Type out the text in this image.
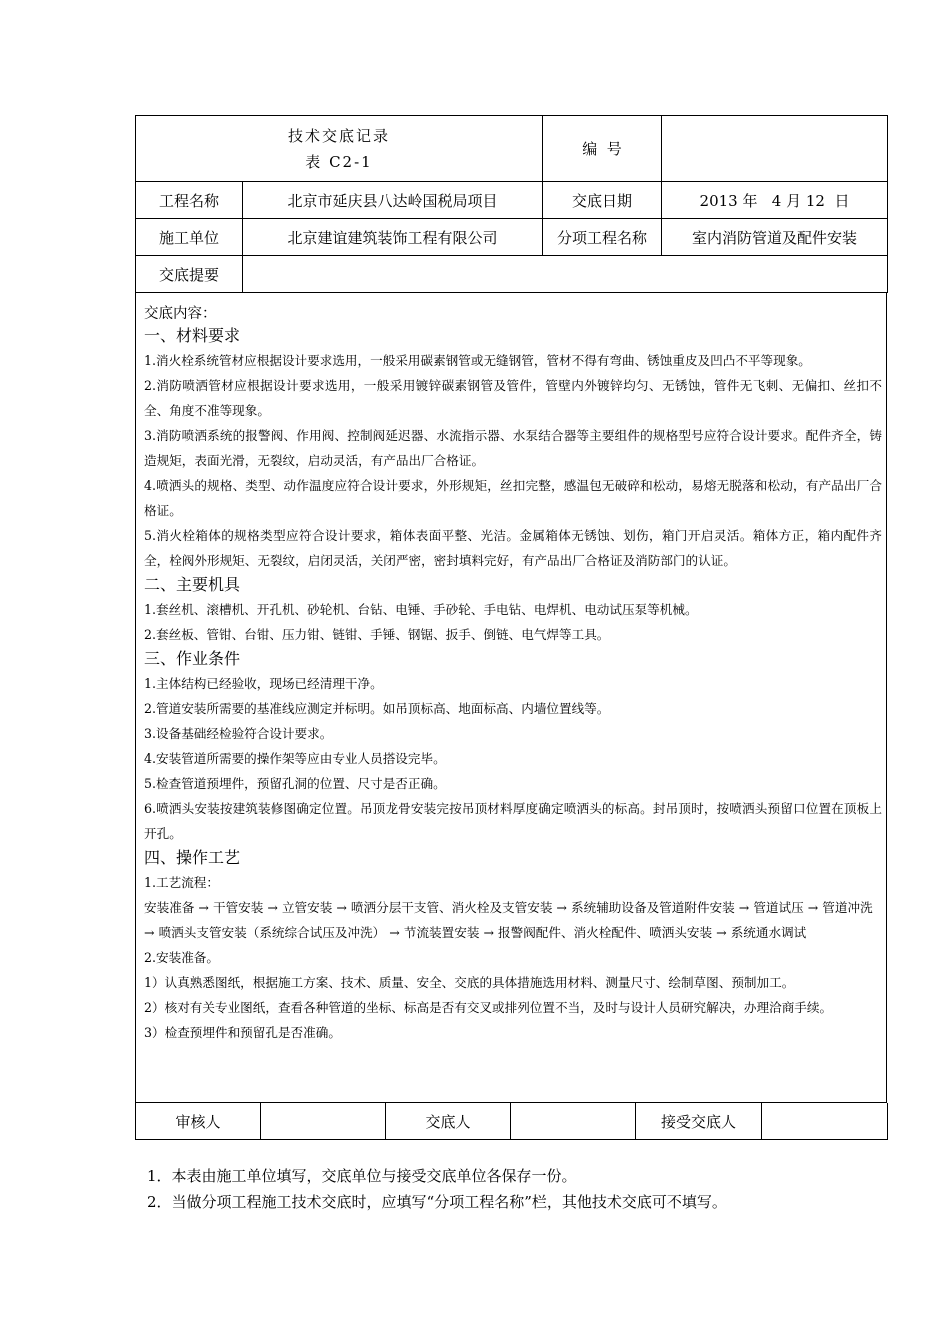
技术交底记录
表 C2-1		编  号	
工程名称	北京市延庆县八达岭国税局项目	交底日期	2013 年   4 月 12  日
施工单位	北京建谊建筑装饰工程有限公司	分项工程名称	室内消防管道及配件安装
交底提要			
交底内容：
一、材料要求

1.消火栓系统管材应根据设计要求选用，一般采用碳素钢管或无缝钢管，管材不得有弯曲、锈蚀重皮及凹凸不平等现象。

2.消防喷洒管材应根据设计要求选用，一般采用镀锌碳素钢管及管件，管壁内外镀锌均匀、无锈蚀，管件无飞刺、无偏扣、丝扣不全、角度不准等现象。

3.消防喷洒系统的报警阀、作用阀、控制阀延迟器、水流指示器、水泵结合器等主要组件的规格型号应符合设计要求。配件齐全，铸造规矩，表面光滑，无裂纹，启动灵活，有产品出厂合格证。

4.喷洒头的规格、类型、动作温度应符合设计要求，外形规矩，丝扣完整，感温包无破碎和松动，易熔无脱落和松动，有产品出厂合格证。

5.消火栓箱体的规格类型应符合设计要求，箱体表面平整、光洁。金属箱体无锈蚀、划伤，箱门开启灵活。箱体方正，箱内配件齐全，栓阀外形规矩、无裂纹，启闭灵活，关闭严密，密封填料完好，有产品出厂合格证及消防部门的认证。

二、主要机具

1.套丝机、滚槽机、开孔机、砂轮机、台钻、电锤、手砂轮、手电钻、电焊机、电动试压泵等机械。

2.套丝板、管钳、台钳、压力钳、链钳、手锤、钢锯、扳手、倒链、电气焊等工具。

三、作业条件

1.主体结构已经验收，现场已经清理干净。

2.管道安装所需要的基准线应测定并标明。如吊顶标高、地面标高、内墙位置线等。

3.设备基础经检验符合设计要求。

4.安装管道所需要的操作架等应由专业人员搭设完毕。

5.检查管道预埋件，预留孔洞的位置、尺寸是否正确。

6.喷洒头安装按建筑装修图确定位置。吊顶龙骨安装完按吊顶材料厚度确定喷洒头的标高。封吊顶时，按喷洒头预留口位置在顶板上开孔。

四、操作工艺

1.工艺流程：

安装准备 → 干管安装 → 立管安装 → 喷洒分层干支管、消火栓及支管安装 → 系统辅助设备及管道附件安装 → 管道试压 → 管道冲洗 → 喷洒头支管安装（系统综合试压及冲洗） → 节流装置安装 → 报警阀配件、消火栓配件、喷洒头安装 → 系统通水调试

2.安装准备。

1）认真熟悉图纸，根据施工方案、技术、质量、安全、交底的具体措施选用材料、测量尺寸、绘制草图、预制加工。

2）核对有关专业图纸，查看各种管道的坐标、标高是否有交叉或排列位置不当，及时与设计人员研究解决，办理洽商手续。

3）检查预埋件和预留孔是否准确。

审核人		交底人		接受交底人	
1．本表由施工单位填写，交底单位与接受交底单位各保存一份。
2．当做分项工程施工技术交底时，应填写“分项工程名称”栏，其他技术交底可不填写。
